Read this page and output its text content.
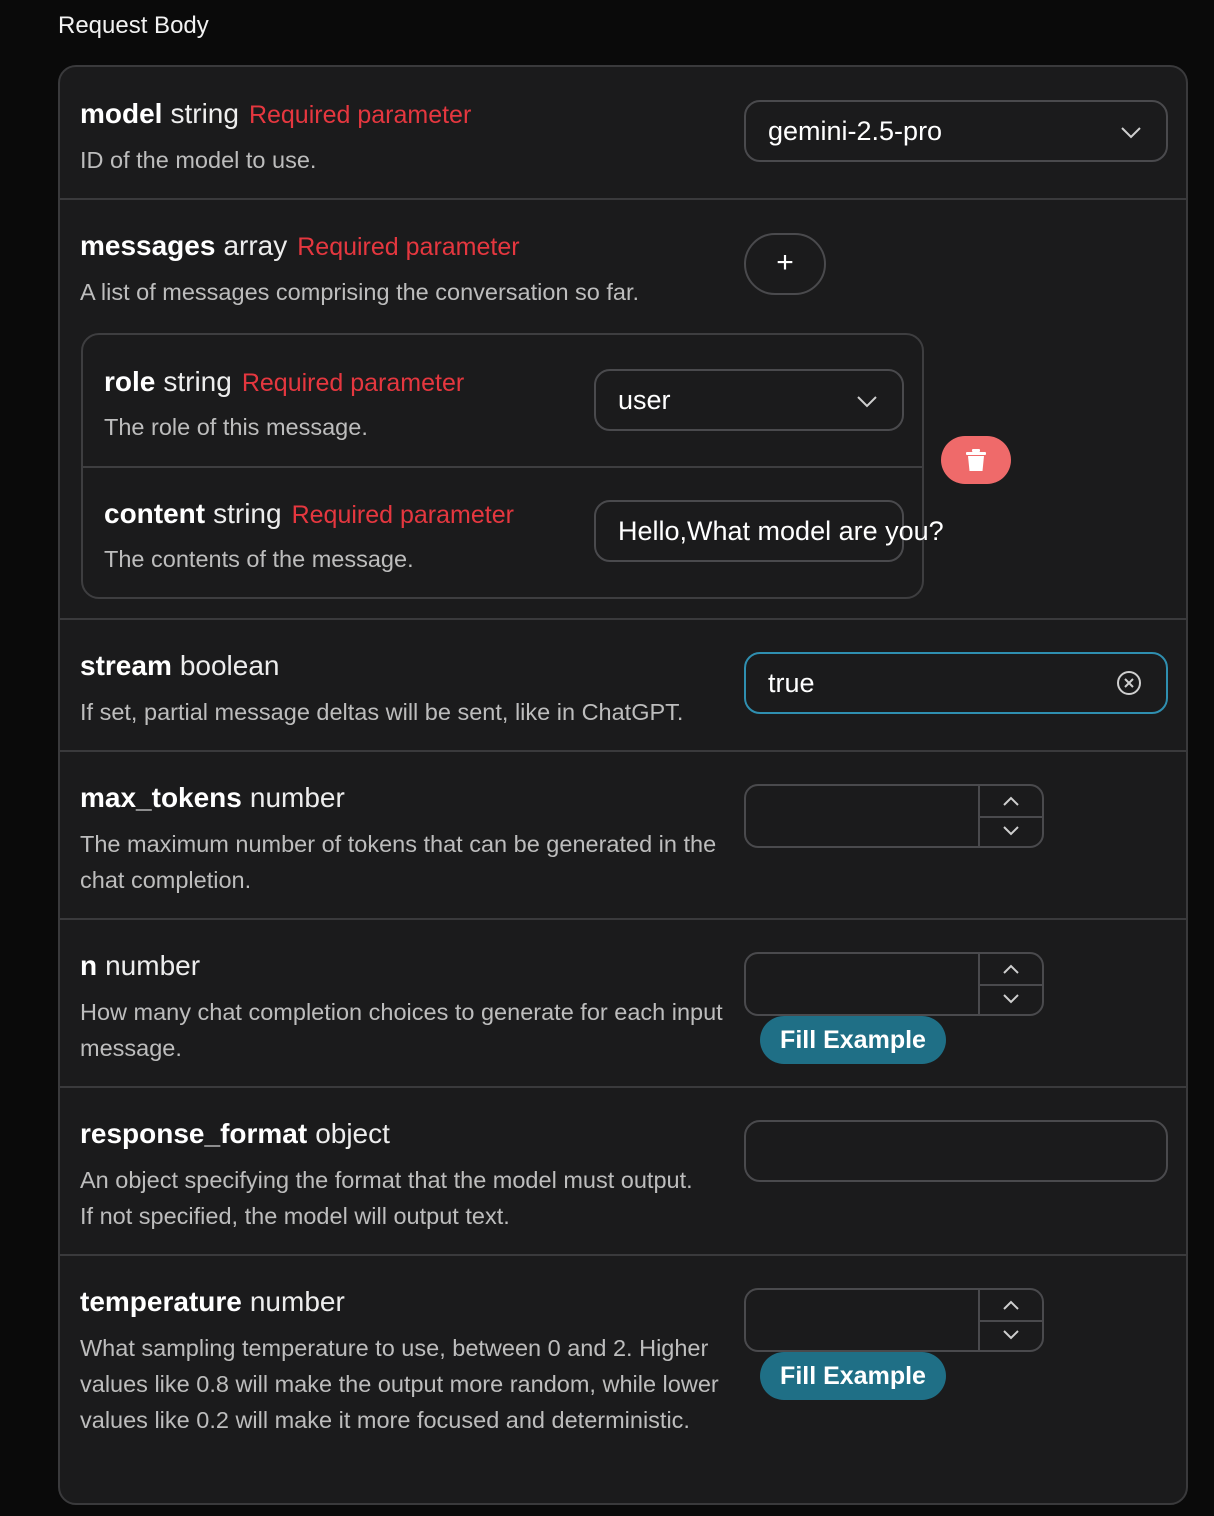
Request Body
model string Required parameter
ID of the model to use.
gemini-2.5-pro
messages array Required parameter
A list of messages comprising the conversation so far.
+
role string Required parameter
The role of this message.
user
content string Required parameter
The contents of the message.
Hello,What model are you?
stream boolean
If set, partial message deltas will be sent, like in ChatGPT.
true
max_tokens number
The maximum number of tokens that can be generated in the chat completion.
n number
How many chat completion choices to generate for each input message.	Fill Example
response_format object
An object specifying the format that the model must output. If not specified, the model will output text.
temperature number
What sampling temperature to use, between 0 and 2. Higher values like 0.8 will make the output more random, while lower values like 0.2 will make it more focused and deterministic.
Fill Example
